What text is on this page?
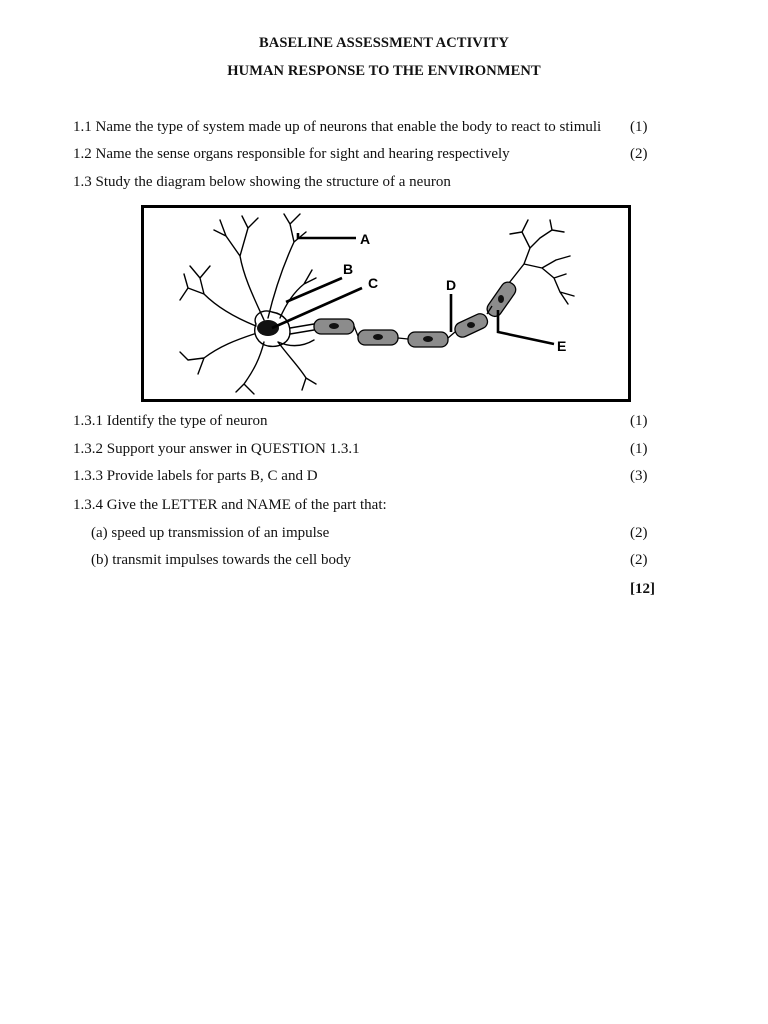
BASELINE ASSESSMENT ACTIVITY
HUMAN RESPONSE TO THE ENVIRONMENT
1.1 Name the type of system made up of neurons that enable the body to react to stimuli (1)
1.2 Name the sense organs responsible for sight and hearing respectively	(2)
1.3 Study the diagram below showing the structure of a neuron
A
B
C	D
E
1.3.1 Identify the type of neuron	(1)
1.3.2 Support your answer in QUESTION 1.3.1	(1)
1.3.3 Provide labels for parts B, C and D	(3)
1.3.4 Give the LETTER and NAME of the part that:
(a) speed up transmission of an impulse	(2)
(b) transmit impulses towards the cell body	(2)
[12]
